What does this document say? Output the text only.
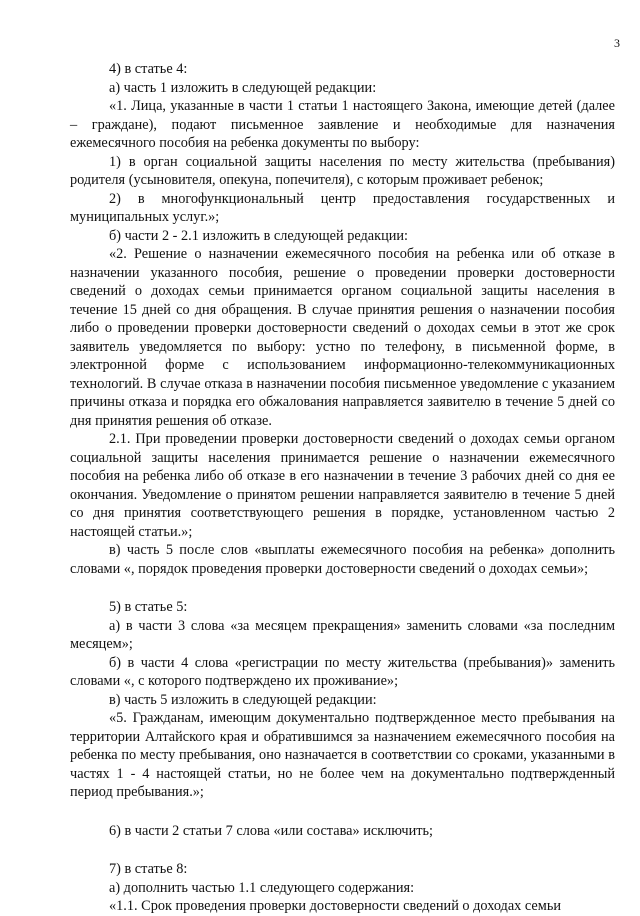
3

4) в статье 4:

а) часть 1 изложить в следующей редакции:

«1. Лица, указанные в части 1 статьи 1 настоящего Закона, имеющие детей (далее – граждане), подают письменное заявление и необходимые для назначения ежемесячного пособия на ребенка документы по выбору:

1) в орган социальной защиты населения по месту жительства (пребывания) родителя (усыновителя, опекуна, попечителя), с которым проживает ребенок;

2) в многофункциональный центр предоставления государственных и муниципальных услуг.»;

б) части 2 - 2.1 изложить в следующей редакции:

«2. Решение о назначении ежемесячного пособия на ребенка или об отказе в назначении указанного пособия, решение о проведении проверки достоверности сведений о доходах семьи принимается органом социальной защиты населения в течение 15 дней со дня обращения. В случае принятия решения о назначении пособия либо о проведении проверки достоверности сведений о доходах семьи в этот же срок заявитель уведомляется по выбору: устно по телефону, в письменной форме, в электронной форме с использованием информационно-телекоммуникационных технологий. В случае отказа в назначении пособия письменное уведомление с указанием причины отказа и порядка его обжалования направляется заявителю в течение 5 дней со дня принятия решения об отказе.

2.1. При проведении проверки достоверности сведений о доходах семьи органом социальной защиты населения принимается решение о назначении ежемесячного пособия на ребенка либо об отказе в его назначении в течение 3 рабочих дней со дня ее окончания. Уведомление о принятом решении направляется заявителю в течение 5 дней со дня принятия соответствующего решения в порядке, установленном частью 2 настоящей статьи.»;

в) часть 5 после слов «выплаты ежемесячного пособия на ребенка» дополнить словами «, порядок проведения проверки достоверности сведений о доходах семьи»;

5) в статье 5:

а) в части 3 слова «за месяцем прекращения» заменить словами «за последним месяцем»;

б) в части 4 слова «регистрации по месту жительства (пребывания)» заменить словами «, с которого подтверждено их проживание»;

в) часть 5 изложить в следующей редакции:

«5. Гражданам, имеющим документально подтвержденное место пребывания на территории Алтайского края и обратившимся за назначением ежемесячного пособия на ребенка по месту пребывания, оно назначается в соответствии со сроками, указанными в частях 1 - 4 настоящей статьи, но не более чем на документально подтвержденный период пребывания.»;

6) в части 2 статьи 7 слова «или состава» исключить;

7) в статье 8:

а) дополнить частью 1.1 следующего содержания:

«1.1. Срок проведения проверки достоверности сведений о доходах семьи
